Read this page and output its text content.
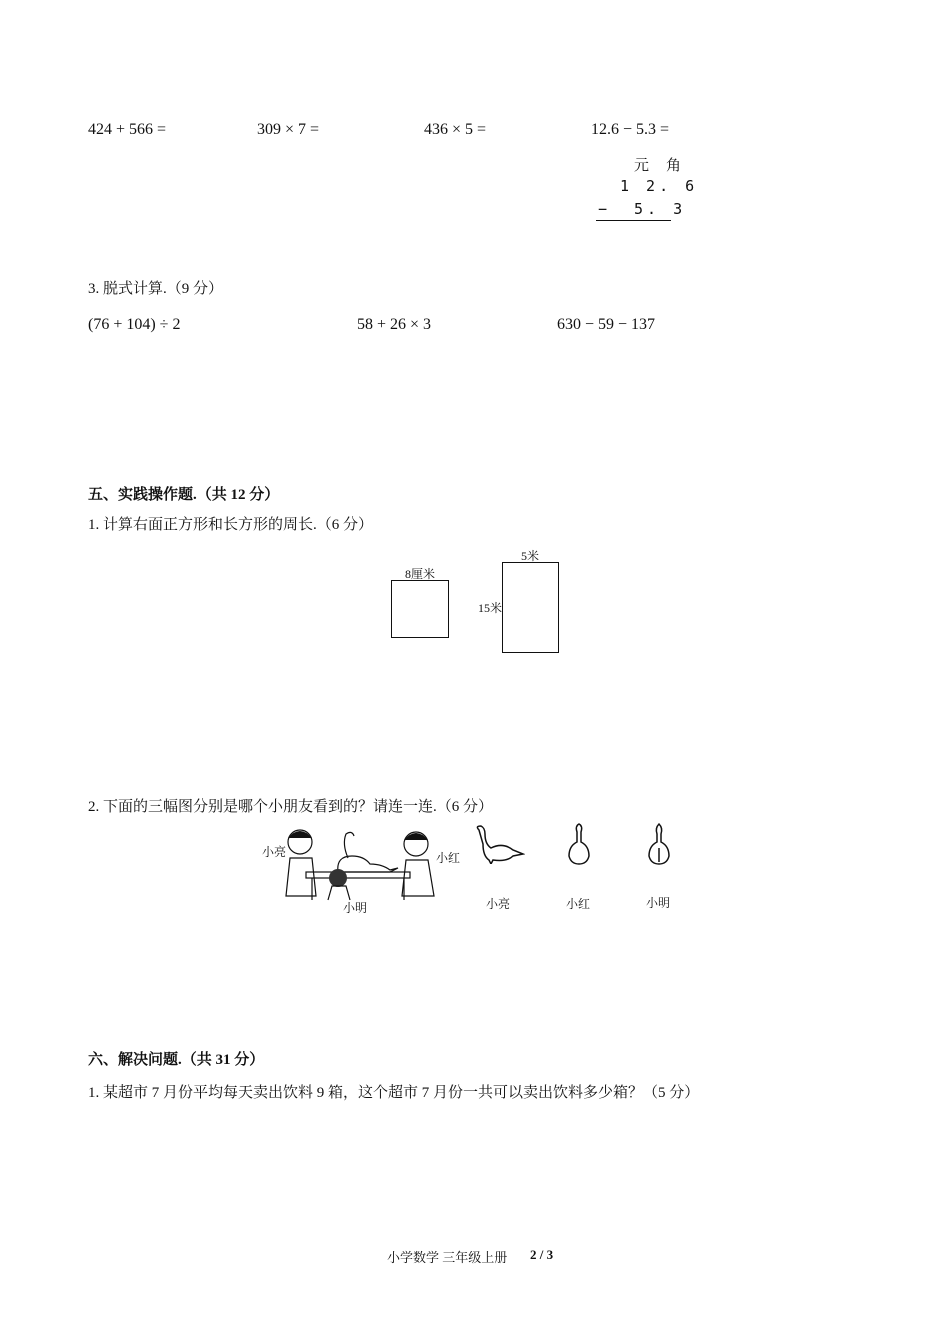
424 + 566 =	309 × 7 =	436 × 5 =	12.6 − 5.3 =
元 角
1 2. 6
− 5. 3
3. 脱式计算.（9 分）
(76 + 104) ÷ 2	58 + 26 × 3	630 − 59 − 137
五、实践操作题.（共 12 分）
1. 计算右面正方形和长方形的周长.（6 分）
8厘米
5米
15米
2. 下面的三幅图分别是哪个小朋友看到的？请连一连.（6 分）
小亮	小红
小明	小亮	小红	小明
六、解决问题.（共 31 分）
1. 某超市 7 月份平均每天卖出饮料 9 箱，这个超市 7 月份一共可以卖出饮料多少箱？（5 分）
小学数学 三年级上册 2 / 3
